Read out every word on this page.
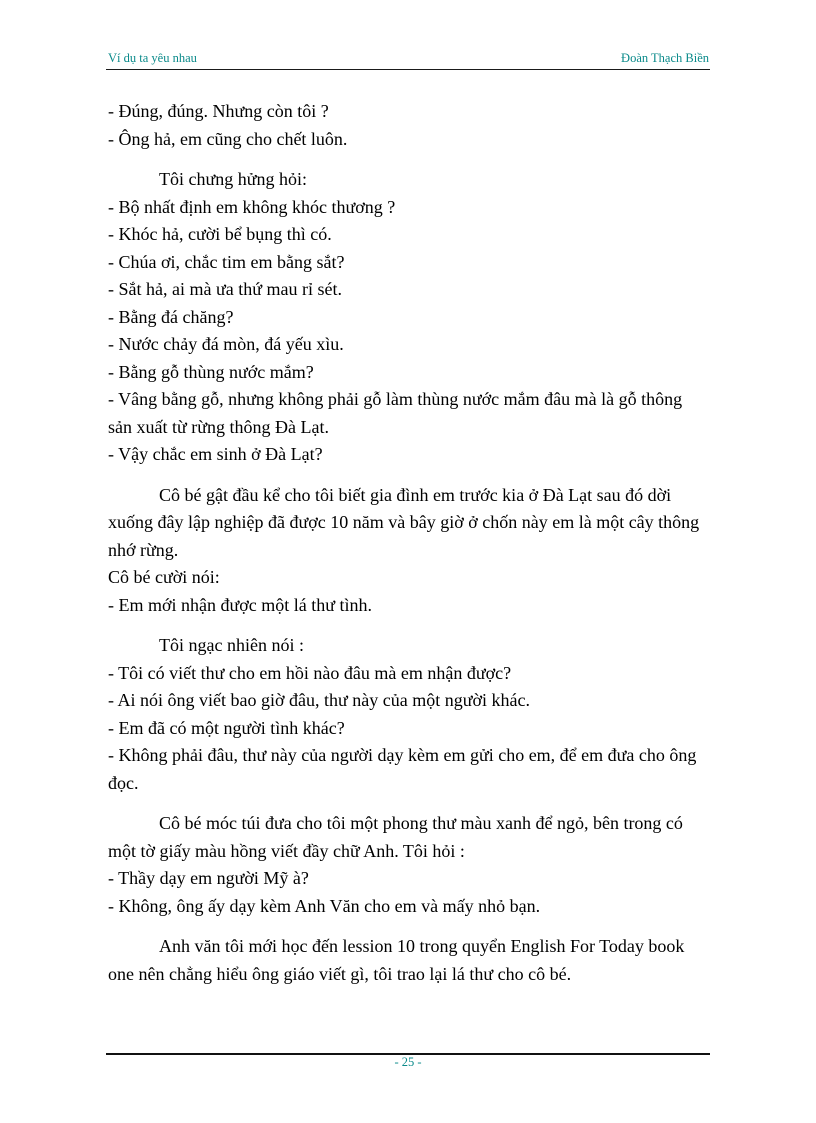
Ví dụ ta yêu nhau	Đoàn Thạch Biền

- Đúng, đúng. Nhưng còn tôi ?

- Ông hả, em cũng cho chết luôn.

Tôi chưng hửng hỏi:

- Bộ nhất định em không khóc thương ?

- Khóc hả, cười bể bụng thì có.

- Chúa ơi, chắc tim em bằng sắt?

- Sắt hả, ai mà ưa thứ mau rỉ sét.

- Bằng đá chăng?

- Nước chảy đá mòn, đá yếu xìu.

- Bằng gỗ thùng nước mắm?

- Vâng bằng gỗ, nhưng không phải gỗ làm thùng nước mắm đâu mà là gỗ thông sản xuất từ rừng thông Đà Lạt.

- Vậy chắc em sinh ở Đà Lạt?

Cô bé gật đầu kể cho tôi biết gia đình em trước kia ở Đà Lạt sau đó dời xuống đây lập nghiệp đã được 10 năm và bây giờ ở chốn này em là một cây thông nhớ rừng.

Cô bé cười nói:

- Em mới nhận được một lá thư tình.

Tôi ngạc nhiên nói :

- Tôi có viết thư cho em hồi nào đâu mà em nhận được?

- Ai nói ông viết bao giờ đâu, thư này của một người khác.

- Em đã có một người tình khác?

- Không phải đâu, thư này của người dạy kèm em gửi cho em, để em đưa cho ông đọc.

Cô bé móc túi đưa cho tôi một phong thư màu xanh để ngỏ, bên trong có một tờ giấy màu hồng viết đầy chữ Anh. Tôi hỏi :

- Thầy dạy em người Mỹ à?

- Không, ông ấy dạy kèm Anh Văn cho em và mấy nhỏ bạn.

Anh văn tôi mới học đến lession 10 trong quyển English For Today book one nên chẳng hiểu ông giáo viết gì, tôi trao lại lá thư cho cô bé.

- 25 -
